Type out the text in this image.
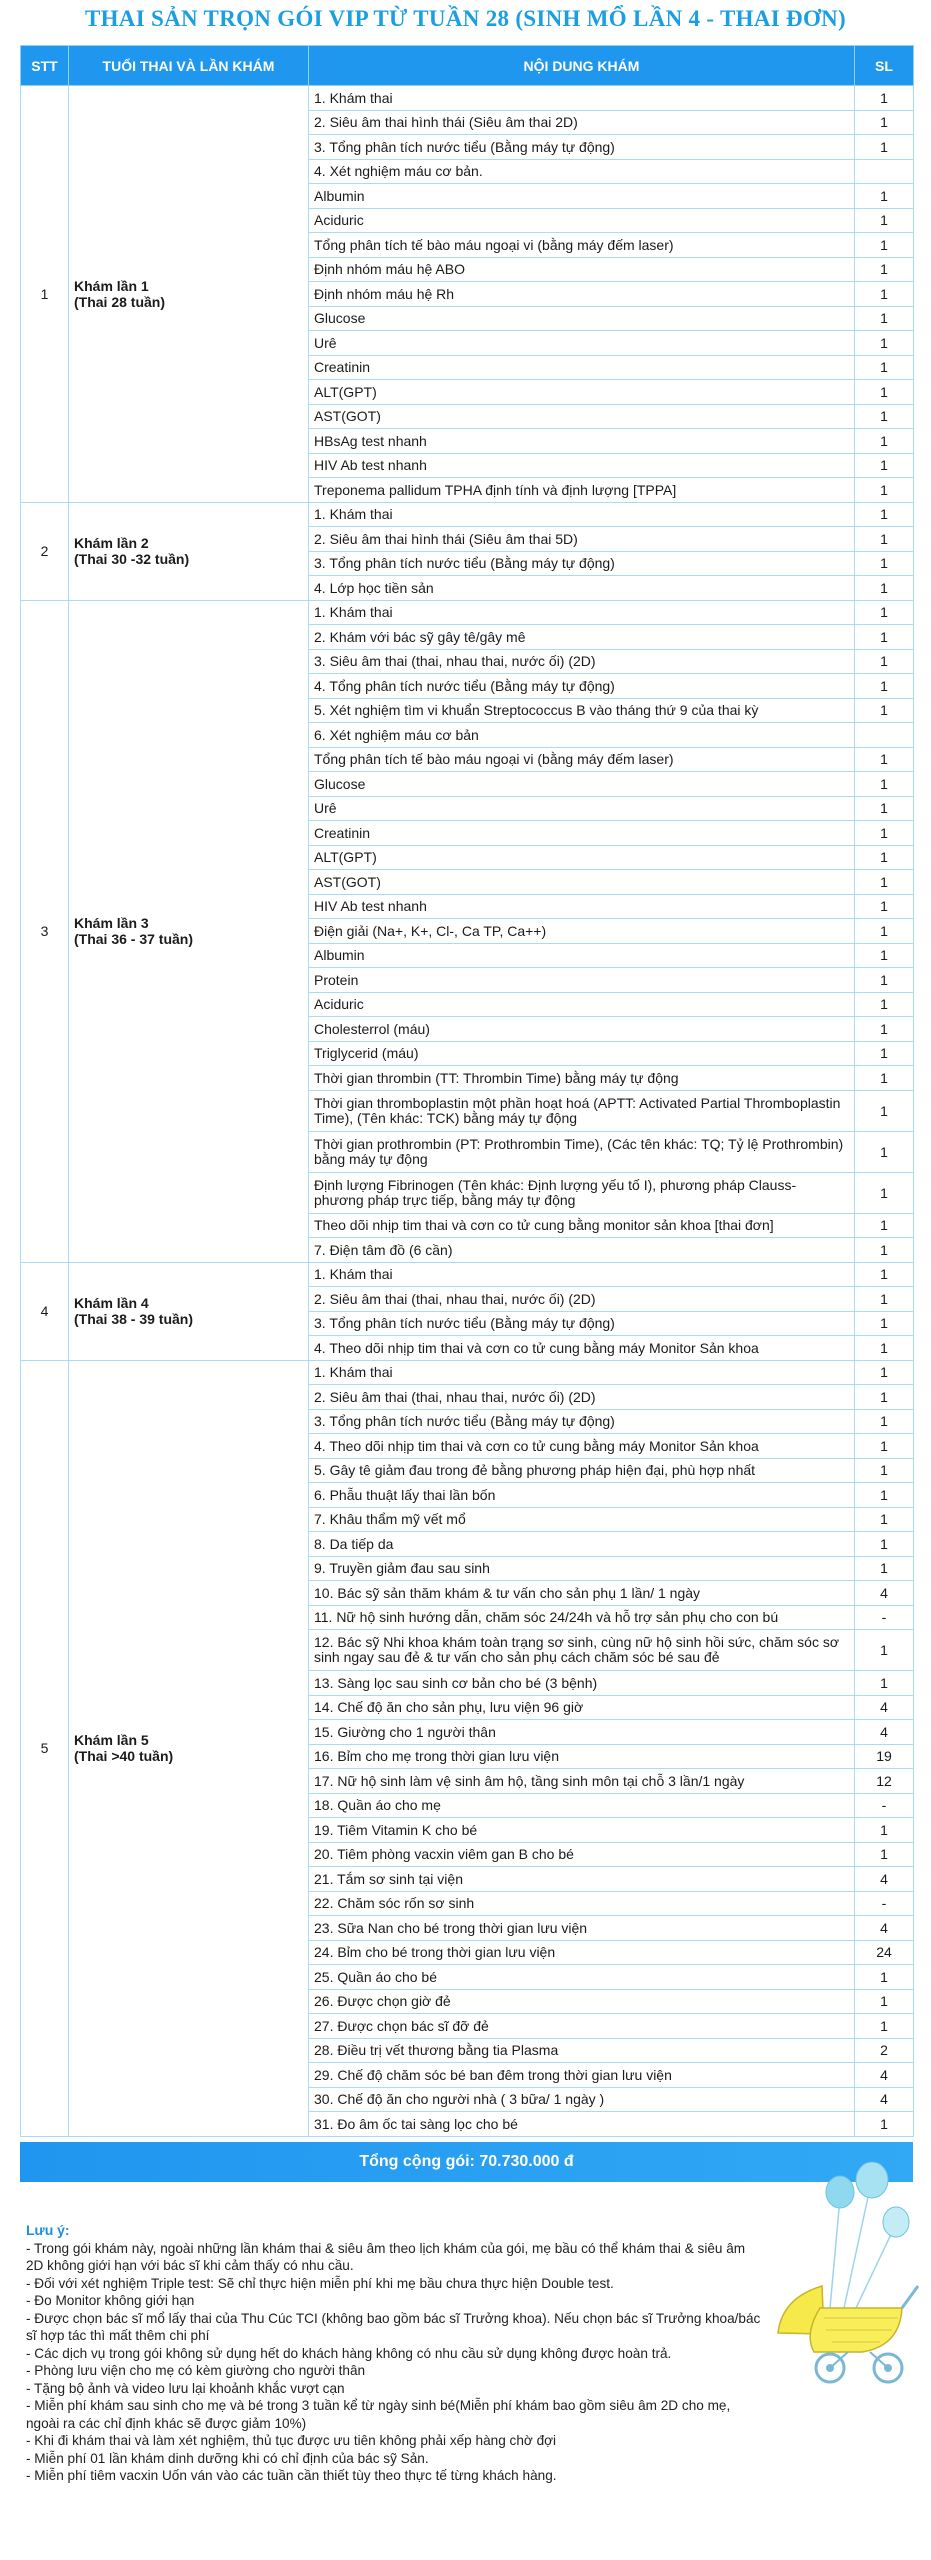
THAI SẢN TRỌN GÓI VIP TỪ TUẦN 28 (SINH MỔ LẦN 4 - THAI ĐƠN)
STT	TUỔI THAI VÀ LẦN KHÁM	NỘI DUNG KHÁM	SL
1	Khám lần 1
(Thai 28 tuần)	1. Khám thai	1
		2. Siêu âm thai hình thái (Siêu âm thai 2D)	1
		3. Tổng phân tích nước tiểu (Bằng máy tự động)	1
		4. Xét nghiệm máu cơ bản.	
		Albumin	1
		Aciduric	1
		Tổng phân tích tế bào máu ngoại vi (bằng máy đếm laser)	1
		Định nhóm máu hệ ABO	1
		Định nhóm máu hệ Rh	1
		Glucose	1
		Urê	1
		Creatinin	1
		ALT(GPT)	1
		AST(GOT)	1
		HBsAg test nhanh	1
		HIV Ab test nhanh	1
		Treponema pallidum TPHA định tính và định lượng [TPPA]	1
2	Khám lần 2
(Thai 30 -32 tuần)	1. Khám thai	1
		2. Siêu âm thai hình thái (Siêu âm thai 5D)	1
		3. Tổng phân tích nước tiểu (Bằng máy tự động)	1
		4. Lớp học tiền sản	1
3	Khám lần 3
(Thai 36 - 37 tuần)	1. Khám thai	1
		2. Khám với bác sỹ gây tê/gây mê	1
		3. Siêu âm thai (thai, nhau thai, nước ối) (2D)	1
		4. Tổng phân tích nước tiểu (Bằng máy tự động)	1
		5. Xét nghiệm tìm vi khuẩn Streptococcus B vào tháng thứ 9 của thai kỳ	1
		6. Xét nghiệm máu cơ bản	
		Tổng phân tích tế bào máu ngoại vi (bằng máy đếm laser)	1
		Glucose	1
		Urê	1
		Creatinin	1
		ALT(GPT)	1
		AST(GOT)	1
		HIV Ab test nhanh	1
		Điện giải (Na+, K+, Cl-, Ca TP, Ca++)	1
		Albumin	1
		Protein	1
		Aciduric	1
		Cholesterrol (máu)	1
		Triglycerid (máu)	1
		Thời gian thrombin (TT: Thrombin Time) bằng máy tự động	1
		Thời gian thromboplastin một phần hoạt hoá (APTT: Activated Partial Thromboplastin Time), (Tên khác: TCK) bằng máy tự động	1
		Thời gian prothrombin (PT: Prothrombin Time), (Các tên khác: TQ; Tỷ lệ Prothrombin) bằng máy tự động	1
		Định lượng Fibrinogen (Tên khác: Định lượng yếu tố I), phương pháp Clauss- phương pháp trực tiếp, bằng máy tự động	1
		Theo dõi nhịp tim thai và cơn co tử cung bằng monitor sản khoa [thai đơn]	1
		7. Điện tâm đồ (6 cần)	1
4	Khám lần 4
(Thai 38 - 39 tuần)	1. Khám thai	1
		2. Siêu âm thai (thai, nhau thai, nước ối) (2D)	1
		3. Tổng phân tích nước tiểu (Bằng máy tự động)	1
		4. Theo dõi nhịp tim thai và cơn co tử cung bằng máy Monitor Sản khoa	1
5	Khám lần 5
(Thai >40 tuần)	1. Khám thai	1
		2. Siêu âm thai (thai, nhau thai, nước ối) (2D)	1
		3. Tổng phân tích nước tiểu (Bằng máy tự động)	1
		4. Theo dõi nhịp tim thai và cơn co tử cung bằng máy Monitor Sản khoa	1
		5. Gây tê giảm đau trong đẻ bằng phương pháp hiện đại, phù hợp nhất	1
		6. Phẫu thuật lấy thai lần bốn	1
		7. Khâu thẩm mỹ vết mổ	1
		8. Da tiếp da	1
		9. Truyền giảm đau sau sinh	1
		10. Bác sỹ sản thăm khám & tư vấn cho sản phụ 1 lần/ 1 ngày	4
		11. Nữ hộ sinh hướng dẫn, chăm sóc 24/24h và hỗ trợ sản phụ cho con bú	-
		12. Bác sỹ Nhi khoa khám toàn trạng sơ sinh, cùng nữ hộ sinh hồi sức, chăm sóc sơ sinh ngay sau đẻ & tư vấn cho sản phụ cách chăm sóc bé sau đẻ	1
		13. Sàng lọc sau sinh cơ bản cho bé (3 bệnh)	1
		14. Chế độ ăn cho sản phụ, lưu viện 96 giờ	4
		15. Giường cho 1 người thân	4
		16. Bỉm cho mẹ trong thời gian lưu viện	19
		17. Nữ hộ sinh làm vệ sinh âm hộ, tầng sinh môn tại chỗ 3 lần/1 ngày	12
		18. Quần áo cho mẹ	-
		19. Tiêm Vitamin K cho bé	1
		20. Tiêm phòng vacxin viêm gan B cho bé	1
		21. Tắm sơ sinh tại viện	4
		22. Chăm sóc rốn sơ sinh	-
		23. Sữa Nan cho bé trong thời gian lưu viện	4
		24. Bỉm cho bé trong thời gian lưu viện	24
		25. Quần áo cho bé	1
		26. Được chọn giờ đẻ	1
		27. Được chọn bác sĩ đỡ đẻ	1
		28. Điều trị vết thương bằng tia Plasma	2
		29. Chế độ chăm sóc bé ban đêm trong thời gian lưu viện	4
		30. Chế độ ăn cho người nhà ( 3 bữa/ 1 ngày )	4
		31. Đo âm ốc tai sàng lọc cho bé	1
Tổng cộng gói: 70.730.000 đ
Lưu ý:
- Trong gói khám này, ngoài những lần khám thai & siêu âm theo lịch khám của gói, mẹ bầu có thể khám thai & siêu âm 2D không giới hạn với bác sĩ khi cảm thấy có nhu cầu.
- Đối với xét nghiệm Triple test: Sẽ chỉ thực hiện miễn phí khi mẹ bầu chưa thực hiện Double test.
- Đo Monitor không giới hạn
- Được chọn bác sĩ mổ lấy thai của Thu Cúc TCI (không bao gồm bác sĩ Trưởng khoa). Nếu chọn bác sĩ Trưởng khoa/bác sĩ hợp tác thì mất thêm chi phí
- Các dịch vụ trong gói không sử dụng hết do khách hàng không có nhu cầu sử dụng không được hoàn trả.
- Phòng lưu viện cho mẹ có kèm giường cho người thân
- Tặng bộ ảnh và video lưu lại khoảnh khắc vượt cạn
- Miễn phí khám sau sinh cho mẹ và bé trong 3 tuần kể từ ngày sinh bé(Miễn phí khám bao gồm siêu âm 2D cho mẹ, ngoài ra các chỉ định khác sẽ được giảm 10%)
- Khi đi khám thai và làm xét nghiệm, thủ tục được ưu tiên không phải xếp hàng chờ đợi
- Miễn phí 01 lần khám dinh dưỡng khi có chỉ định của bác sỹ Sản.
- Miễn phí tiêm vacxin Uốn ván vào các tuần cần thiết tùy theo thực tế từng khách hàng.
